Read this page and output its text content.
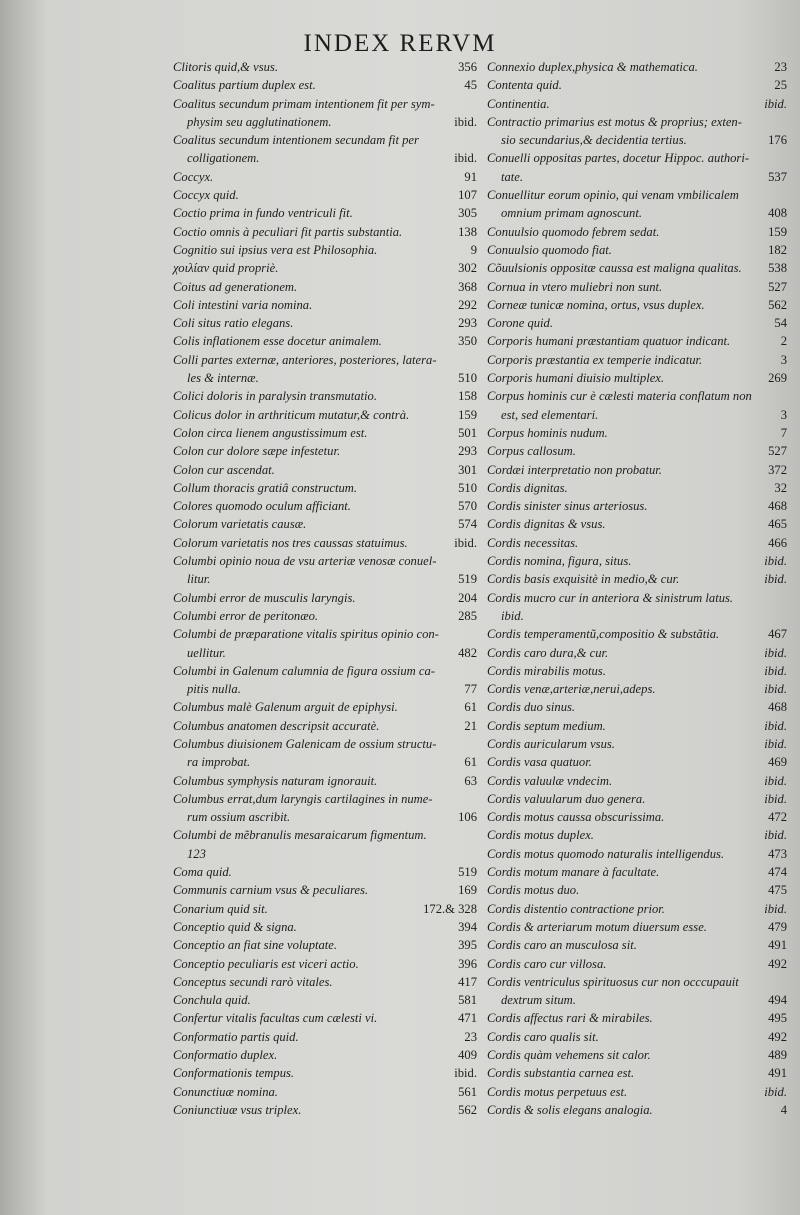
INDEX RERVM
Clitoris quid,& vsus.	356
Coalitus partium duplex est.	45
Coalitus secundum primam intentionem fit per sym-
physim seu agglutinationem.	ibid.
Coalitus secundum intentionem secundam fit per
colligationem.	ibid.
Coccyx.	91
Coccyx quid.	107
Coctio prima in fundo ventriculi fit.	305
Coctio omnis à peculiari fit partis substantia.	138
Cognitio sui ipsius vera est Philosophia.	9
χοιλίαν quid propriè.	302
Coitus ad generationem.	368
Coli intestini varia nomina.	292
Coli situs ratio elegans.	293
Colis inflationem esse docetur animalem.	350
Colli partes externæ, anteriores, posteriores, latera-
les & internæ.	510
Colici doloris in paralysin transmutatio.	158
Colicus dolor in arthriticum mutatur,& contrà.	159
Colon circa lienem angustissimum est.	501
Colon cur dolore sæpe infestetur.	293
Colon cur ascendat.	301
Collum thoracis gratiâ constructum.	510
Colores quomodo oculum afficiant.	570
Colorum varietatis causæ.	574
Colorum varietatis nos tres caussas statuimus.	ibid.
Columbi opinio noua de vsu arteriæ venosæ conuel-
litur.	519
Columbi error de musculis laryngis.	204
Columbi error de peritonæo.	285
Columbi de præparatione vitalis spiritus opinio con-
uellitur.	482
Columbi in Galenum calumnia de figura ossium ca-
pitis nulla.	77
Columbus malè Galenum arguit de epiphysi.	61
Columbus anatomen descripsit accuratè.	21
Columbus diuisionem Galenicam de ossium structu-
ra improbat.	61
Columbus symphysis naturam ignorauit.	63
Columbus errat,dum laryngis cartilagines in nume-
rum ossium ascribit.	106
Columbi de mẽbranulis mesaraicarum figmentum.
123
Coma quid.	519
Communis carnium vsus & peculiares.	169
Conarium quid sit.	172.& 328
Conceptio quid & signa.	394
Conceptio an fiat sine voluptate.	395
Conceptio peculiaris est viceri actio.	396
Conceptus secundi rarò vitales.	417
Conchula quid.	581
Confertur vitalis facultas cum cælesti vi.	471
Conformatio partis quid.	23
Conformatio duplex.	409
Conformationis tempus.	ibid.
Conunctiuæ nomina.	561
Coniunctiuæ vsus triplex.	562
Connexio duplex,physica & mathematica.	23
Contenta quid.	25
Continentia.	ibid.
Contractio primarius est motus & proprius; exten-
sio secundarius,& decidentia tertius.	176
Conuelli oppositas partes, docetur Hippoc. authori-
tate.	537
Conuellitur eorum opinio, qui venam vmbilicalem
omnium primam agnoscunt.	408
Conuulsio quomodo febrem sedat.	159
Conuulsio quomodo fiat.	182
Cõuulsionis oppositæ caussa est maligna qualitas.	538
Cornua in vtero muliebri non sunt.	527
Corneæ tunicæ nomina, ortus, vsus duplex.	562
Corone quid.	54
Corporis humani præstantiam quatuor indicant.	2
Corporis præstantia ex temperie indicatur.	3
Corporis humani diuisio multiplex.	269
Corpus hominis cur è cælesti materia conflatum non
est, sed elementari.	3
Corpus hominis nudum.	7
Corpus callosum.	527
Cordæi interpretatio non probatur.	372
Cordis dignitas.	32
Cordis sinister sinus arteriosus.	468
Cordis dignitas & vsus.	465
Cordis necessitas.	466
Cordis nomina, figura, situs.	ibid.
Cordis basis exquisitè in medio,& cur.	ibid.
Cordis mucro cur in anteriora & sinistrum latus.
ibid.
Cordis temperamentũ,compositio & substãtia.	467
Cordis caro dura,& cur.	ibid.
Cordis mirabilis motus.	ibid.
Cordis venæ,arteriæ,nerui,adeps.	ibid.
Cordis duo sinus.	468
Cordis septum medium.	ibid.
Cordis auricularum vsus.	ibid.
Cordis vasa quatuor.	469
Cordis valuulæ vndecim.	ibid.
Cordis valuularum duo genera.	ibid.
Cordis motus caussa obscurissima.	472
Cordis motus duplex.	ibid.
Cordis motus quomodo naturalis intelligendus.	473
Cordis motum manare à facultate.	474
Cordis motus duo.	475
Cordis distentio contractione prior.	ibid.
Cordis & arteriarum motum diuersum esse.	479
Cordis caro an musculosa sit.	491
Cordis caro cur villosa.	492
Cordis ventriculus spirituosus cur non occcupauit
dextrum situm.	494
Cordis affectus rari & mirabiles.	495
Cordis caro qualis sit.	492
Cordis quàm vehemens sit calor.	489
Cordis substantia carnea est.	491
Cordis motus perpetuus est.	ibid.
Cordis & solis elegans analogia.	4
